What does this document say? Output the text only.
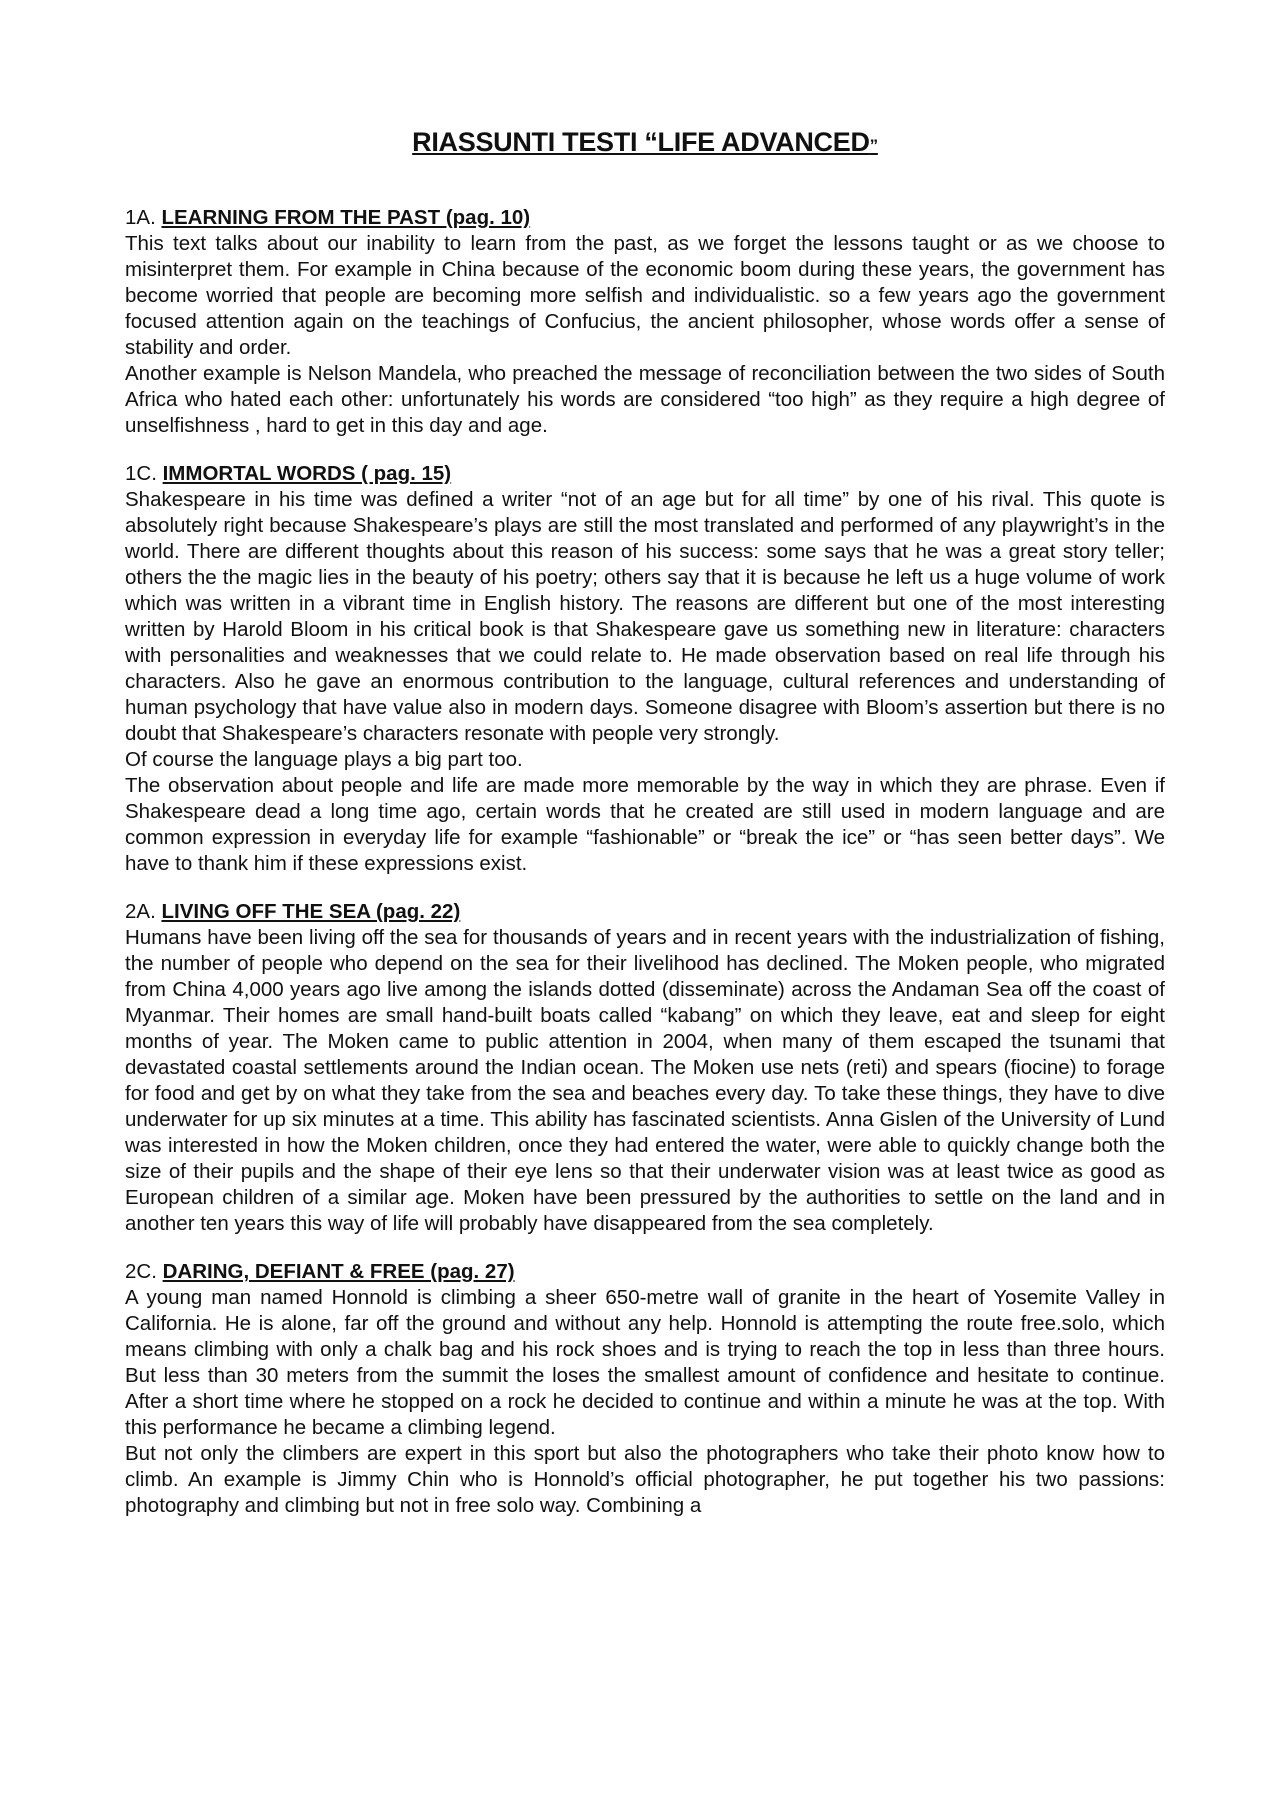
RIASSUNTI TESTI “LIFE ADVANCED”
1A. LEARNING FROM THE PAST (pag. 10)

This text talks about our inability to learn from the past, as we forget the lessons taught or as we choose to misinterpret them. For example in China because of the economic boom during these years, the government has become worried that people are becoming more selfish and individualistic. so a few years ago the government focused attention again on the teachings of Confucius, the ancient philosopher, whose words offer a sense of stability and order.

Another example is Nelson Mandela, who preached the message of reconciliation between the two sides of South Africa who hated each other: unfortunately his words are considered “too high” as they require a high degree of unselfishness , hard to get in this day and age.

1C. IMMORTAL WORDS ( pag. 15)

Shakespeare in his time was defined a writer “not of an age but for all time” by one of his rival. This quote is absolutely right because Shakespeare’s plays are still the most translated and performed of any playwright’s in the world. There are different thoughts about this reason of his success: some says that he was a great story teller; others the the magic lies in the beauty of his poetry; others say that it is because he left us a huge volume of work which was written in a vibrant time in English history. The reasons are different but one of the most interesting written by Harold Bloom in his critical book is that Shakespeare gave us something new in literature: characters with personalities and weaknesses that we could relate to. He made observation based on real life through his characters. Also he gave an enormous contribution to the language, cultural references and understanding of human psychology that have value also in modern days. Someone disagree with Bloom’s assertion but there is no doubt that Shakespeare’s characters resonate with people very strongly.

Of course the language plays a big part too.

The observation about people and life are made more memorable by the way in which they are phrase. Even if Shakespeare dead a long time ago, certain words that he created are still used in modern language and are common expression in everyday life for example “fashionable” or “break the ice” or “has seen better days”. We have to thank him if these expressions exist.

2A. LIVING OFF THE SEA (pag. 22)

Humans have been living off the sea for thousands of years and in recent years with the industrialization of fishing, the number of people who depend on the sea for their livelihood has declined. The Moken people, who migrated from China 4,000 years ago live among the islands dotted (disseminate) across the Andaman Sea off the coast of Myanmar. Their homes are small hand-built boats called “kabang” on which they leave, eat and sleep for eight months of year. The Moken came to public attention in 2004, when many of them escaped the tsunami that devastated coastal settlements around the Indian ocean. The Moken use nets (reti) and spears (fiocine) to forage for food and get by on what they take from the sea and beaches every day. To take these things, they have to dive underwater for up six minutes at a time. This ability has fascinated scientists. Anna Gislen of the University of Lund was interested in how the Moken children, once they had entered the water, were able to quickly change both the size of their pupils and the shape of their eye lens so that their underwater vision was at least twice as good as European children of a similar age. Moken have been pressured by the authorities to settle on the land and in another ten years this way of life will probably have disappeared from the sea completely.

2C. DARING, DEFIANT & FREE (pag. 27)

A young man named Honnold is climbing a sheer 650-metre wall of granite in the heart of Yosemite Valley in California. He is alone, far off the ground and without any help. Honnold is attempting the route free.solo, which means climbing with only a chalk bag and his rock shoes and is trying to reach the top in less than three hours. But less than 30 meters from the summit the loses the smallest amount of confidence and hesitate to continue. After a short time where he stopped on a rock he decided to continue and within a minute he was at the top. With this performance he became a climbing legend.

But not only the climbers are expert in this sport but also the photographers who take their photo know how to climb. An example is Jimmy Chin who is Honnold’s official photographer, he put together his two passions: photography and climbing but not in free solo way. Combining a
